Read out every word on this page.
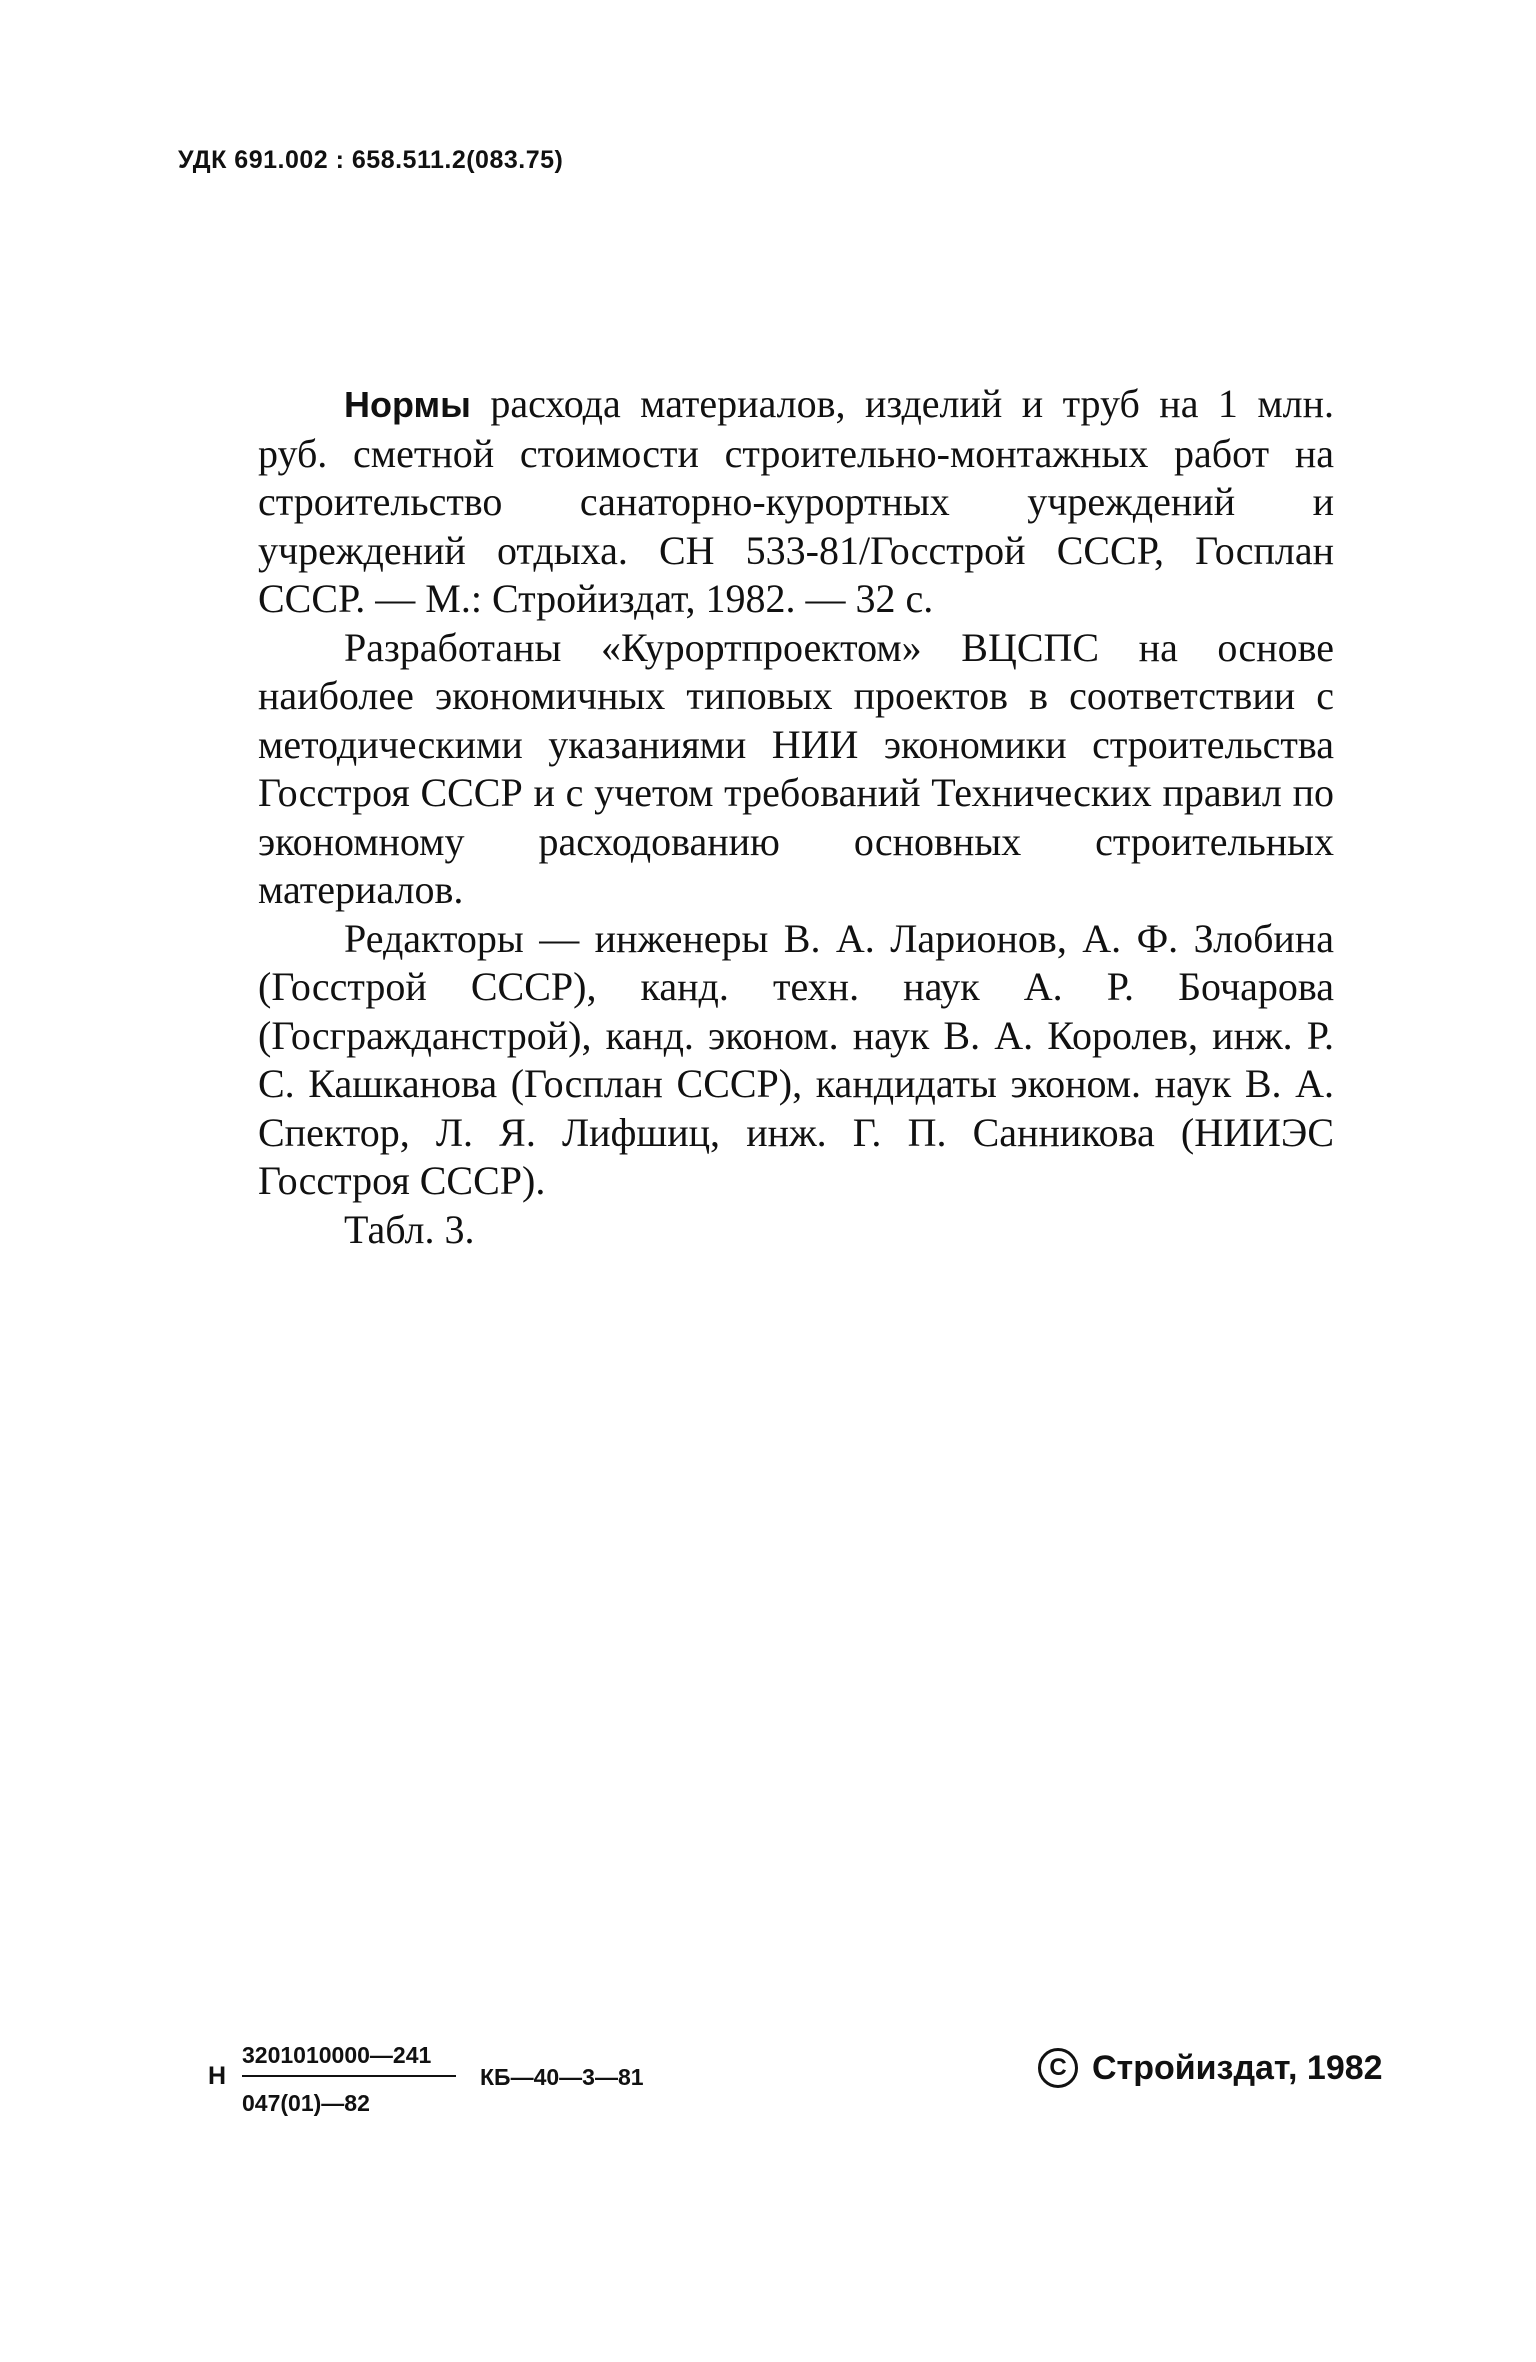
УДК 691.002 : 658.511.2(083.75)

Нормы расхода материалов, изделий и труб на 1 млн. руб. сметной стоимости строительно-монтажных работ на строительство санаторно-курортных учреждений и учреждений отдыха. СН 533-81/Госстрой СССР, Госплан СССР. — М.: Стройиздат, 1982. — 32 с.

Разработаны «Курортпроектом» ВЦСПС на основе наиболее экономичных типовых проектов в соответствии с методическими указаниями НИИ экономики строительства Госстроя СССР и с учетом требований Технических правил по экономному расходованию основных строительных материалов.

Редакторы — инженеры В. А. Ларионов, А. Ф. Злобина (Госстрой СССР), канд. техн. наук А. Р. Бочарова (Госгражданстрой), канд. эконом. наук В. А. Королев, инж. Р. С. Кашканова (Госплан СССР), кандидаты эконом. наук В. А. Спектор, Л. Я. Лифшиц, инж. Г. П. Санникова (НИИЭС Госстроя СССР).

Табл. 3.

Н
3201010000—241
047(01)—82
КБ—40—3—81	C Стройиздат, 1982
